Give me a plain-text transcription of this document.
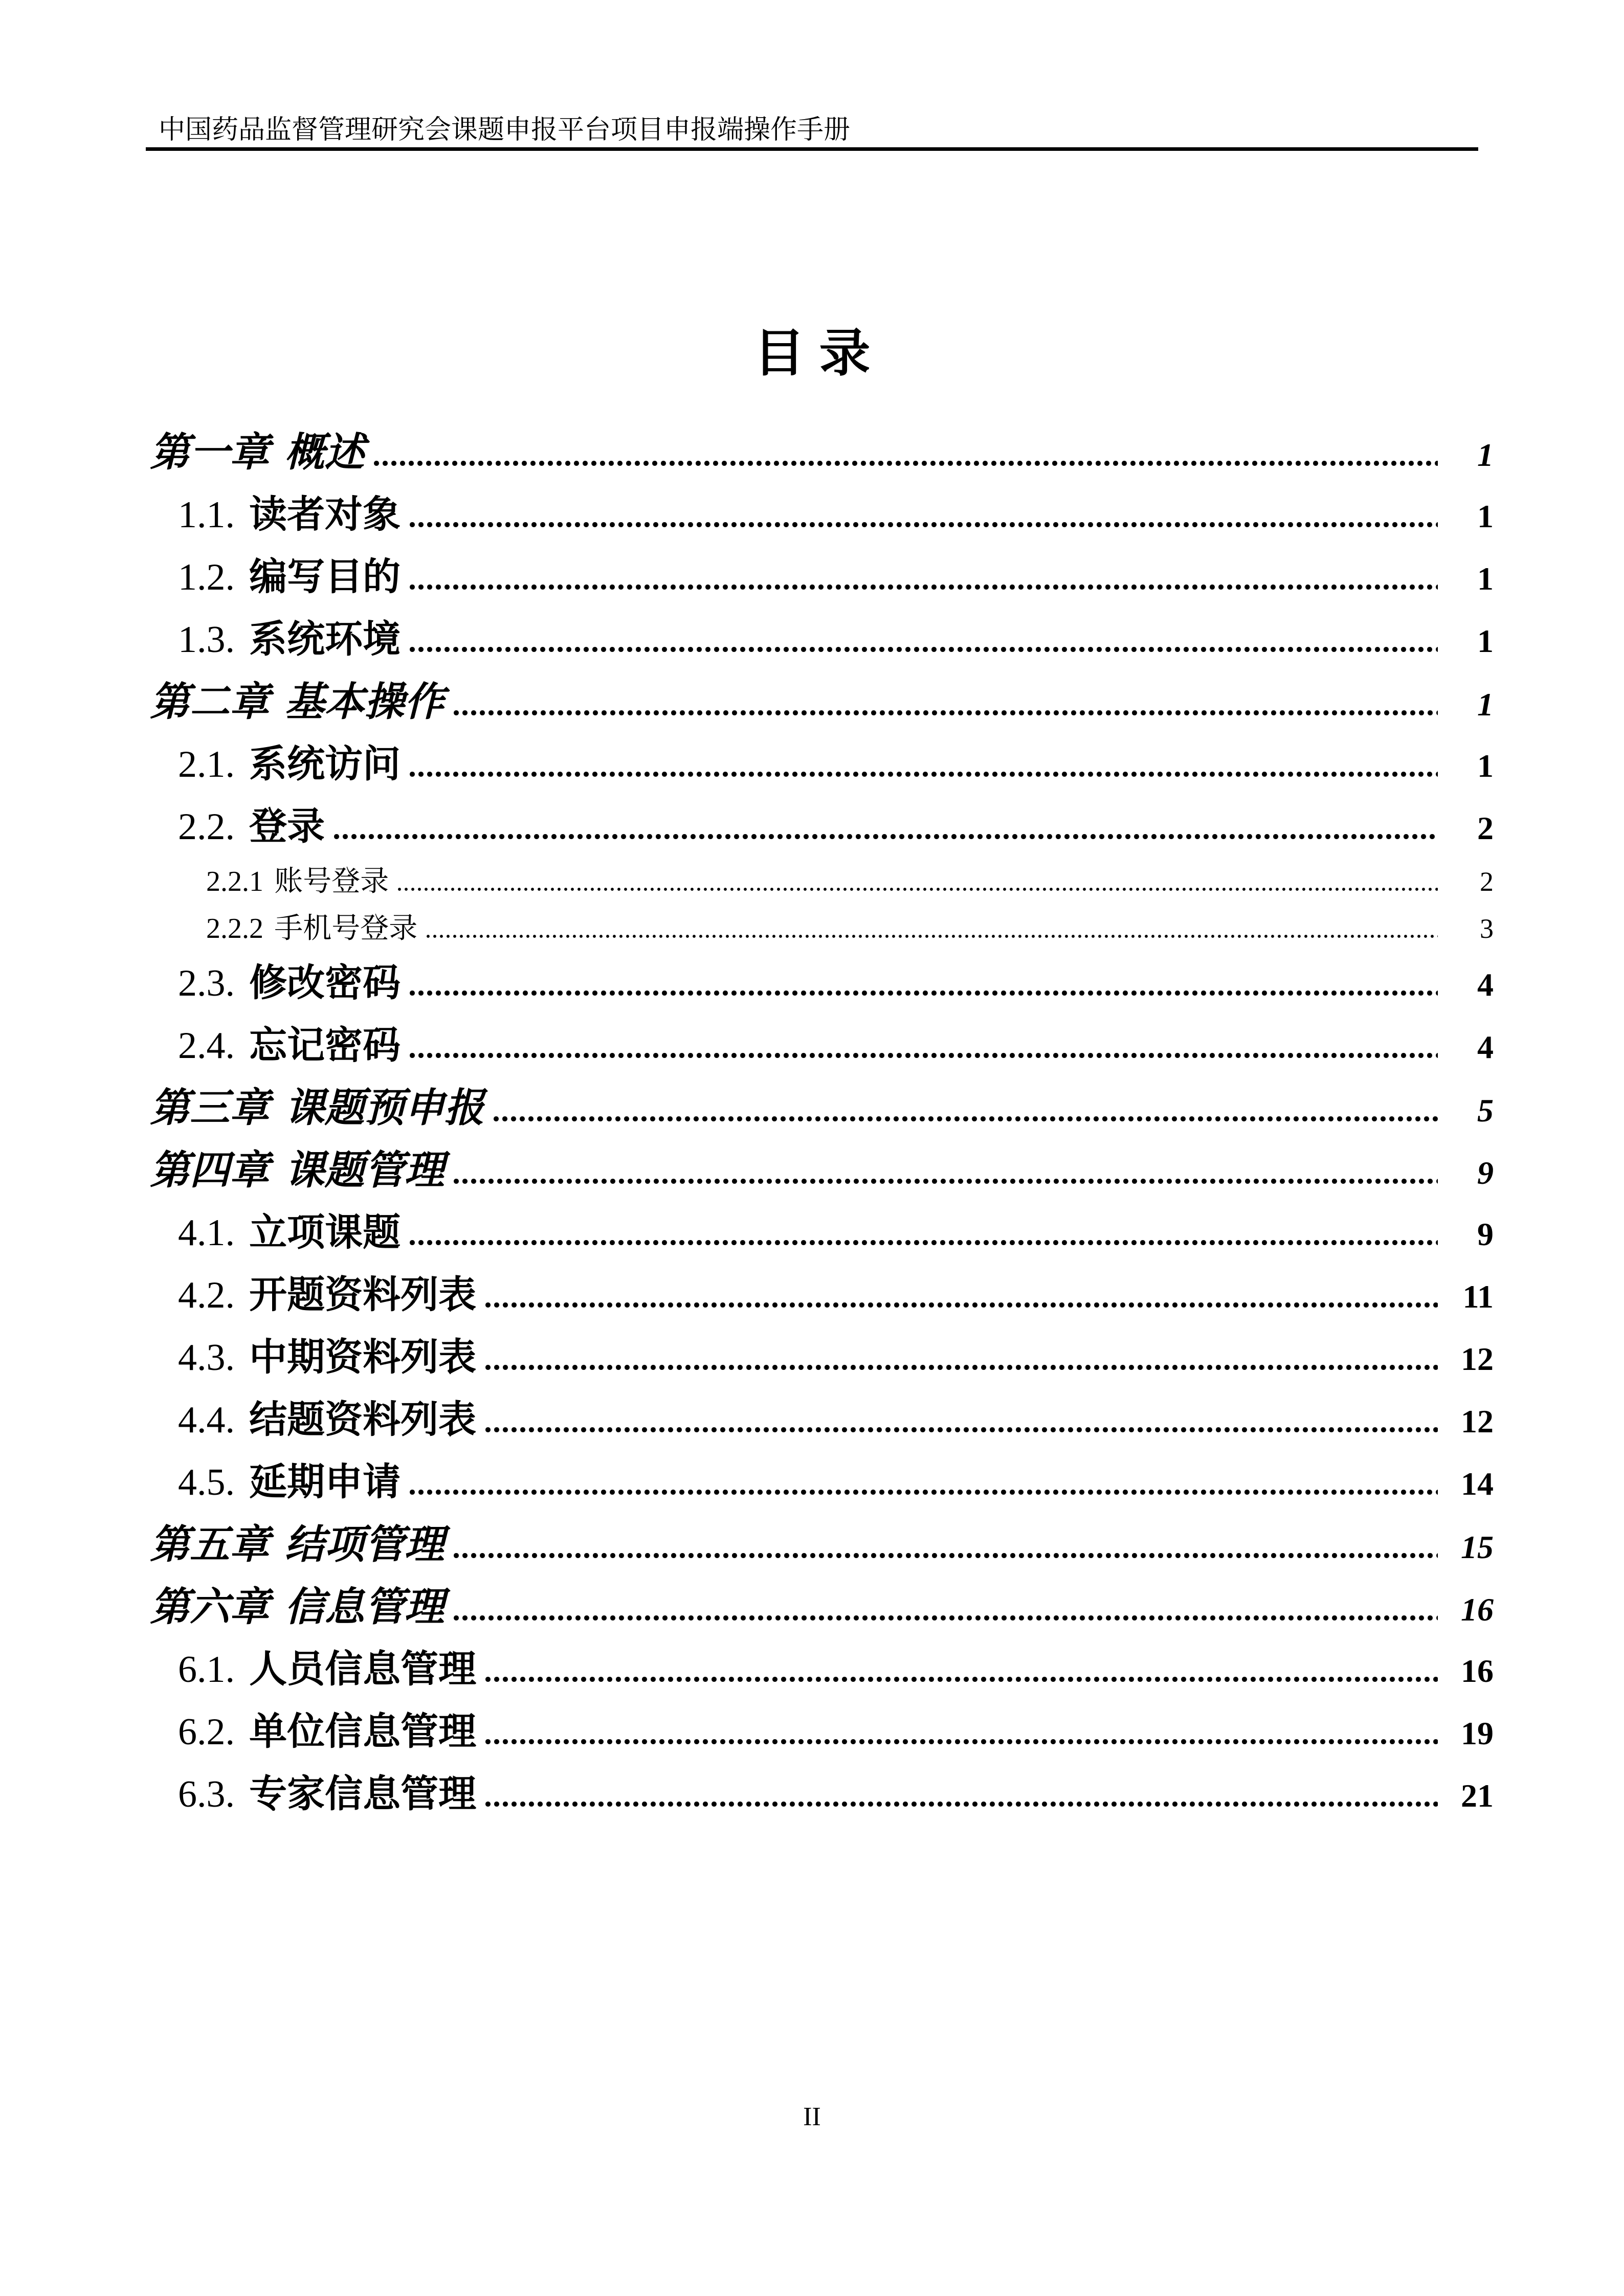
中国药品监督管理研究会课题申报平台项目申报端操作手册
目录
第一章 概述	1
1.1. 读者对象	1
1.2. 编写目的	1
1.3. 系统环境	1
第二章 基本操作	1
2.1. 系统访问	1
2.2. 登录	2
2.2.1 账号登录	2
2.2.2 手机号登录	3
2.3. 修改密码	4
2.4. 忘记密码	4
第三章 课题预申报	5
第四章 课题管理	9
4.1. 立项课题	9
4.2. 开题资料列表	11
4.3. 中期资料列表	12
4.4. 结题资料列表	12
4.5. 延期申请	14
第五章 结项管理	15
第六章 信息管理	16
6.1. 人员信息管理	16
6.2. 单位信息管理	19
6.3. 专家信息管理	21
II
